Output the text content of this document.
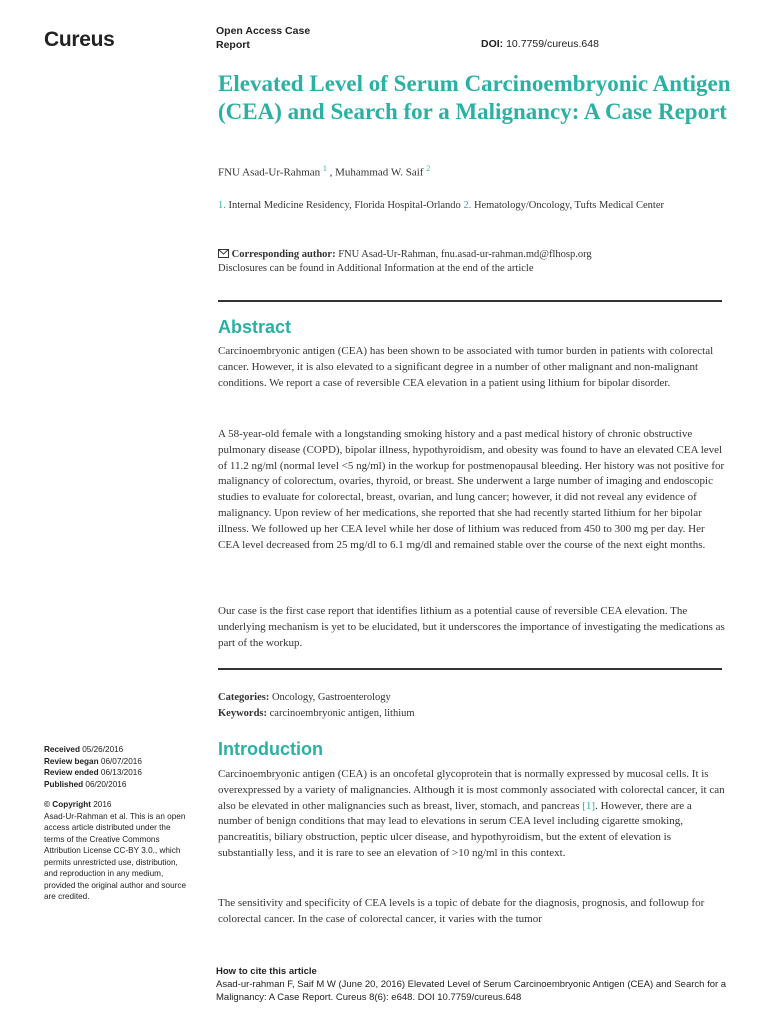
Cureus	Open Access Case
Report	DOI: 10.7759/cureus.648
Elevated Level of Serum Carcinoembryonic Antigen (CEA) and Search for a Malignancy: A Case Report
FNU Asad-Ur-Rahman $^1$ , Muhammad W. Saif $^2$
1. Internal Medicine Residency, Florida Hospital-Orlando 2. Hematology/Oncology, Tufts Medical Center
Corresponding author: FNU Asad-Ur-Rahman, fnu.asad-ur-rahman.md@flhosp.org
Disclosures can be found in Additional Information at the end of the article
Abstract

Carcinoembryonic antigen (CEA) has been shown to be associated with tumor burden in patients with colorectal cancer. However, it is also elevated to a significant degree in a number of other malignant and non-malignant conditions. We report a case of reversible CEA elevation in a patient using lithium for bipolar disorder.

A 58-year-old female with a longstanding smoking history and a past medical history of chronic obstructive pulmonary disease (COPD), bipolar illness, hypothyroidism, and obesity was found to have an elevated CEA level of 11.2 ng/ml (normal level <5 ng/ml) in the workup for postmenopausal bleeding. Her history was not positive for malignancy of colorectum, ovaries, thyroid, or breast. She underwent a large number of imaging and endoscopic studies to evaluate for colorectal, breast, ovarian, and lung cancer; however, it did not reveal any evidence of malignancy. Upon review of her medications, she reported that she had recently started lithium for her bipolar illness. We followed up her CEA level while her dose of lithium was reduced from 450 to 300 mg per day. Her CEA level decreased from 25 mg/dl to 6.1 mg/dl and remained stable over the course of the next eight months.

Our case is the first case report that identifies lithium as a potential cause of reversible CEA elevation. The underlying mechanism is yet to be elucidated, but it underscores the importance of investigating the medications as part of the workup.

Categories: Oncology, Gastroenterology
Keywords: carcinoembryonic antigen, lithium
Received 05/26/2016
Review began 06/07/2016
Review ended 06/13/2016
Published 06/20/2016
© Copyright 2016
Asad-Ur-Rahman et al. This is an open access article distributed under the terms of the Creative Commons Attribution License CC-BY 3.0., which permits unrestricted use, distribution, and reproduction in any medium, provided the original author and source are credited.
Introduction

Carcinoembryonic antigen (CEA) is an oncofetal glycoprotein that is normally expressed by mucosal cells. It is overexpressed by a variety of malignancies. Although it is most commonly associated with colorectal cancer, it can also be elevated in other malignancies such as breast, liver, stomach, and pancreas [1]. However, there are a number of benign conditions that may lead to elevations in serum CEA level including cigarette smoking, pancreatitis, biliary obstruction, peptic ulcer disease, and hypothyroidism, but the extent of elevation is substantially less, and it is rare to see an elevation of >10 ng/ml in this context.

The sensitivity and specificity of CEA levels is a topic of debate for the diagnosis, prognosis, and followup for colorectal cancer. In the case of colorectal cancer, it varies with the tumor

How to cite this article
Asad-ur-rahman F, Saif M W (June 20, 2016) Elevated Level of Serum Carcinoembryonic Antigen (CEA) and Search for a Malignancy: A Case Report. Cureus 8(6): e648. DOI 10.7759/cureus.648
